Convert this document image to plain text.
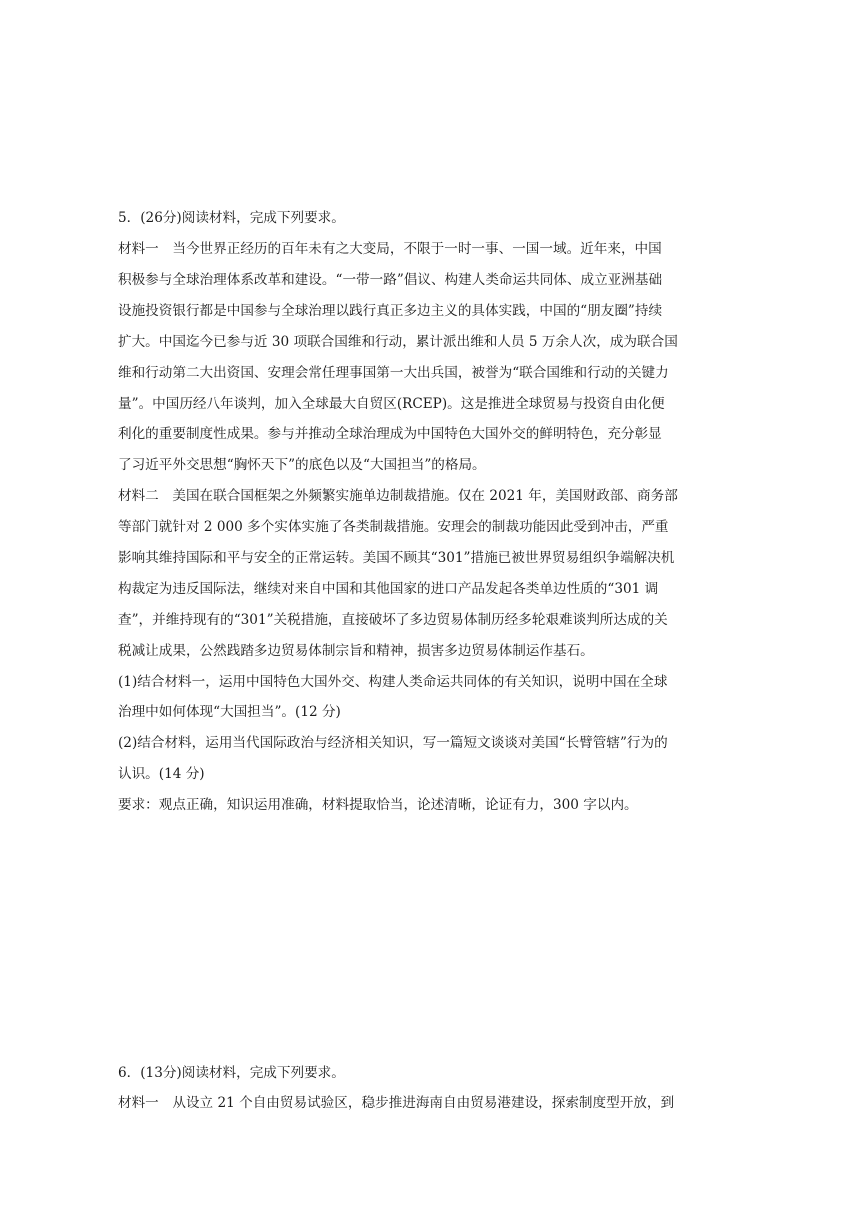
5．(26分)阅读材料，完成下列要求。
材料一　当今世界正经历的百年未有之大变局，不限于一时一事、一国一域。近年来，中国
积极参与全球治理体系改革和建设。“一带一路”倡议、构建人类命运共同体、成立亚洲基础
设施投资银行都是中国参与全球治理以践行真正多边主义的具体实践，中国的“朋友圈”持续
扩大。中国迄今已参与近 30 项联合国维和行动，累计派出维和人员 5 万余人次，成为联合国
维和行动第二大出资国、安理会常任理事国第一大出兵国，被誉为“联合国维和行动的关键力
量”。中国历经八年谈判，加入全球最大自贸区(RCEP)。这是推进全球贸易与投资自由化便
利化的重要制度性成果。参与并推动全球治理成为中国特色大国外交的鲜明特色，充分彰显
了习近平外交思想“胸怀天下”的底色以及“大国担当”的格局。
材料二　美国在联合国框架之外频繁实施单边制裁措施。仅在 2021 年，美国财政部、商务部
等部门就针对 2 000 多个实体实施了各类制裁措施。安理会的制裁功能因此受到冲击，严重
影响其维持国际和平与安全的正常运转。美国不顾其“301”措施已被世界贸易组织争端解决机
构裁定为违反国际法，继续对来自中国和其他国家的进口产品发起各类单边性质的“301 调
查”，并维持现有的“301”关税措施，直接破坏了多边贸易体制历经多轮艰难谈判所达成的关
税减让成果，公然践踏多边贸易体制宗旨和精神，损害多边贸易体制运作基石。
(1)结合材料一，运用中国特色大国外交、构建人类命运共同体的有关知识，说明中国在全球
治理中如何体现“大国担当”。(12 分)
(2)结合材料，运用当代国际政治与经济相关知识，写一篇短文谈谈对美国“长臂管辖”行为的
认识。(14 分)
要求：观点正确，知识运用准确，材料提取恰当，论述清晰，论证有力，300 字以内。
6．(13分)阅读材料，完成下列要求。
材料一　从设立 21 个自由贸易试验区，稳步推进海南自由贸易港建设，探索制度型开放，到
